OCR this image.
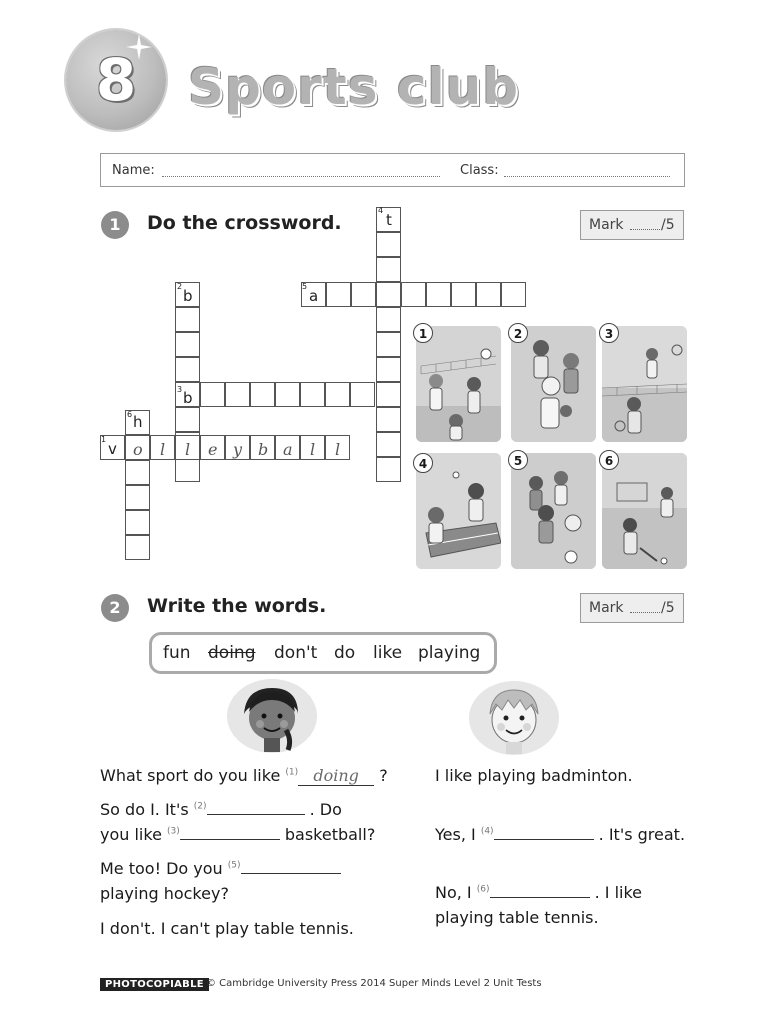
8 Sports club
Name:	Class:
1	Do the crossword.	Mark	/5
4
2	5
3
6
1
t
b	a
b
h
v o l l e y b a l l
1	2	3
4	5	6
2	Write the words.	Mark	/5
fun doing don't do like playing
What sport do you like $^{(1)}$ doing ?
So do I. It's $^{(2)}$	. Do
you like $^{(3)}$	basketball?
Me too! Do you $^{(5)}$
playing hockey?
I don't. I can't play table tennis.
I like playing badminton.
Yes, I $^{(4)}$	. It's great.
No, I $^{(6)}$	. I like
playing table tennis.
PHOTOCOPIABLE © Cambridge University Press 2014 Super Minds Level 2 Unit Tests
